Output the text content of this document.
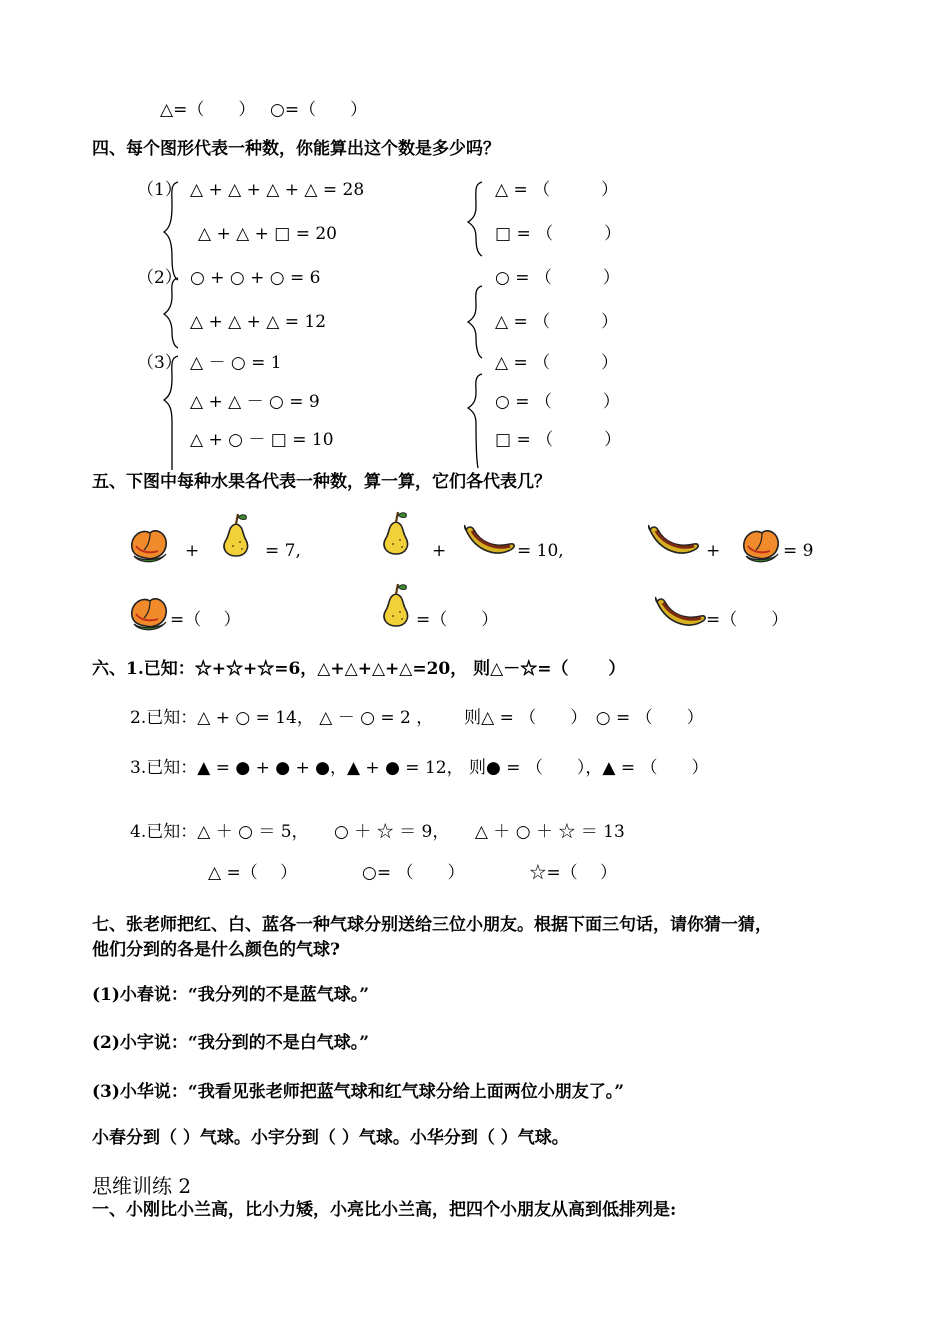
△=（　　） ○=（　　）
四、每个图形代表一种数，你能算出这个数是多少吗？
（1） △ + △ + △ + △ = 28
△ + △ + □ = 20
△ = （　　　）
□ = （　　　）
（2） ○ + ○ + ○ = 6
△ + △ + △ = 12
○ = （　　　）
△ = （　　　）
（3） △ － ○ = 1
△ + △ － ○ = 9
△ + ○ － □ = 10
△ = （　　　）
○ = （　　　）
□ = （　　　）
五、下图中每种水果各代表一种数，算一算，它们各代表几？
+	= 7,	+	= 10,	+	= 9
=（　 ）	=（　　）	=（　　）
六、1.已知：☆+☆+☆=6，△+△+△+△=20， 则△－☆=（　　 ）
2.已知：△ + ○ = 14， △ － ○ = 2 ，　　 则△ = （　　）　○ = （　　）
3.已知：▲ = ● + ● + ●，▲ + ● = 12， 则● = （　　），▲ = （　　）
4.已知：△ ＋ ○ ＝ 5，　　○ ＋ ☆ ＝ 9，　　△ ＋ ○ ＋ ☆ ＝ 13
△ =（　 ）　　　　 ○= （　　）　　　　 ☆=（　 ）
七、张老师把红、白、蓝各一种气球分别送给三位小朋友。根据下面三句话，请你猜一猜，
他们分到的各是什么颜色的气球?
(1)小春说：“我分列的不是蓝气球。”
(2)小宇说：“我分到的不是白气球。”
(3)小华说：“我看见张老师把蓝气球和红气球分给上面两位小朋友了。”
小春分到（ ）气球。小宇分到（ ）气球。小华分到（ ）气球。
思维训练 2
一、小刚比小兰高，比小力矮，小亮比小兰高，把四个小朋友从高到低排列是:
